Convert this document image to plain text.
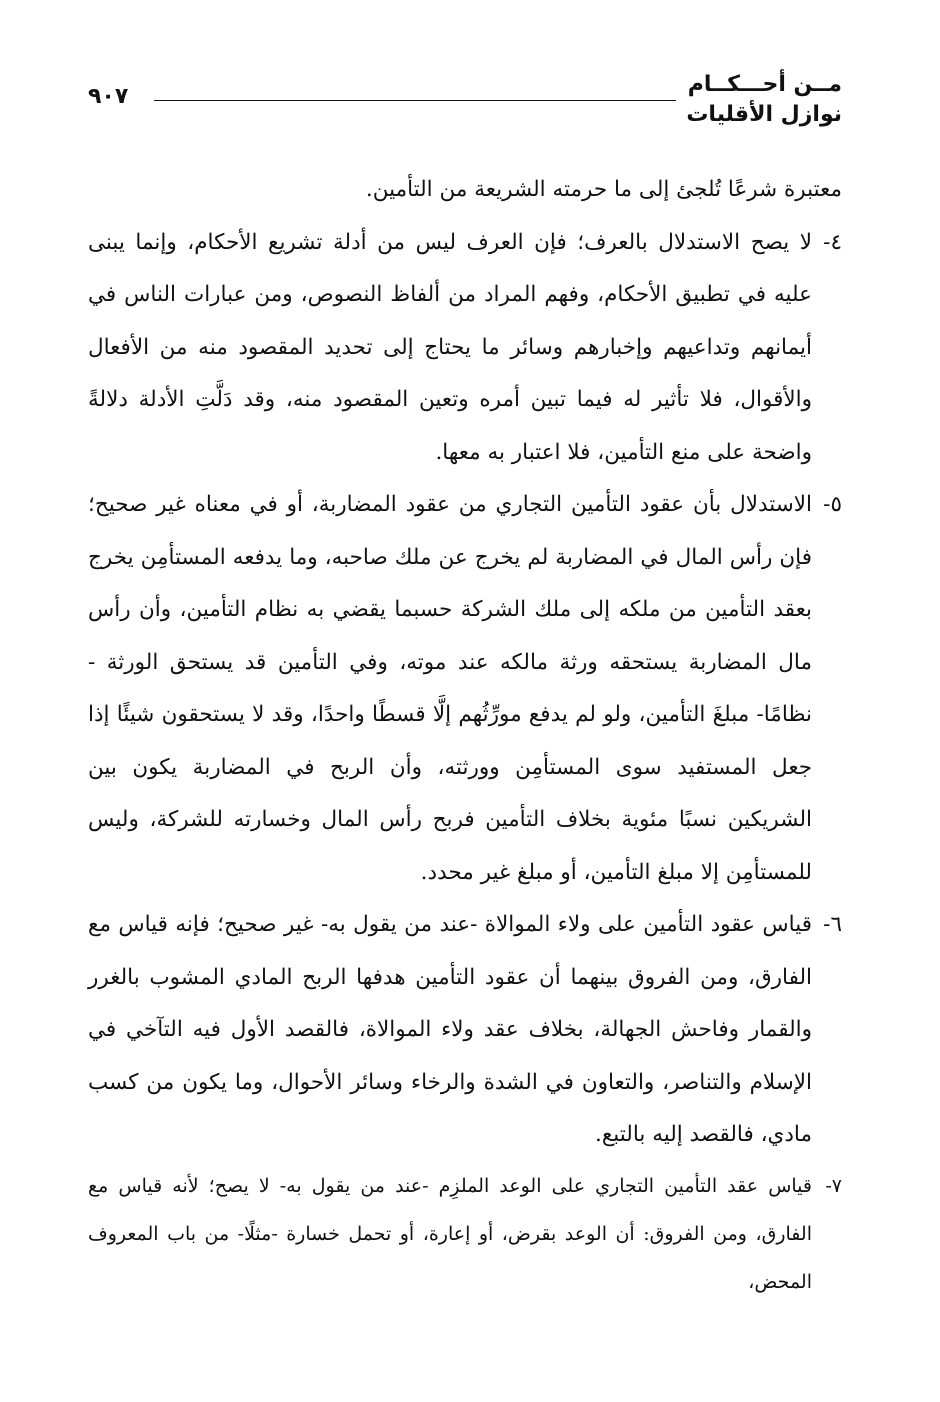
مــن أحـــكــام
نوازل الأقليات
٩٠٧

معتبرة شرعًا تُلجئ إلى ما حرمته الشريعة من التأمين.

٤-
لا يصح الاستدلال بالعرف؛ فإن العرف ليس من أدلة تشريع الأحكام، وإنما يبنى عليه في تطبيق الأحكام، وفهم المراد من ألفاظ النصوص، ومن عبارات الناس في أيمانهم وتداعيهم وإخبارهم وسائر ما يحتاج إلى تحديد المقصود منه من الأفعال والأقوال، فلا تأثير له فيما تبين أمره وتعين المقصود منه، وقد دَلَّتِ الأدلة دلالةً واضحة على منع التأمين، فلا اعتبار به معها.

٥-
الاستدلال بأن عقود التأمين التجاري من عقود المضاربة، أو في معناه غير صحيح؛ فإن رأس المال في المضاربة لم يخرج عن ملك صاحبه، وما يدفعه المستأمِن يخرج بعقد التأمين من ملكه إلى ملك الشركة حسبما يقضي به نظام التأمين، وأن رأس مال المضاربة يستحقه ورثة مالكه عند موته، وفي التأمين قد يستحق الورثة - نظامًا- مبلغَ التأمين، ولو لم يدفع مورِّثُهم إلَّا قسطًا واحدًا، وقد لا يستحقون شيئًا إذا جعل المستفيد سوى المستأمِن وورثته، وأن الربح في المضاربة يكون بين الشريكين نسبًا مئوية بخلاف التأمين فربح رأس المال وخسارته للشركة، وليس للمستأمِن إلا مبلغ التأمين، أو مبلغ غير محدد.

٦-
قياس عقود التأمين على ولاء الموالاة -عند من يقول به- غير صحيح؛ فإنه قياس مع الفارق، ومن الفروق بينهما أن عقود التأمين هدفها الربح المادي المشوب بالغرر والقمار وفاحش الجهالة، بخلاف عقد ولاء الموالاة، فالقصد الأول فيه التآخي في الإسلام والتناصر، والتعاون في الشدة والرخاء وسائر الأحوال، وما يكون من كسب مادي، فالقصد إليه بالتبع.

٧-
قياس عقد التأمين التجاري على الوعد الملزِم -عند من يقول به- لا يصح؛ لأنه قياس مع الفارق، ومن الفروق: أن الوعد بقرض، أو إعارة، أو تحمل خسارة -مثلًا- من باب المعروف المحض،
